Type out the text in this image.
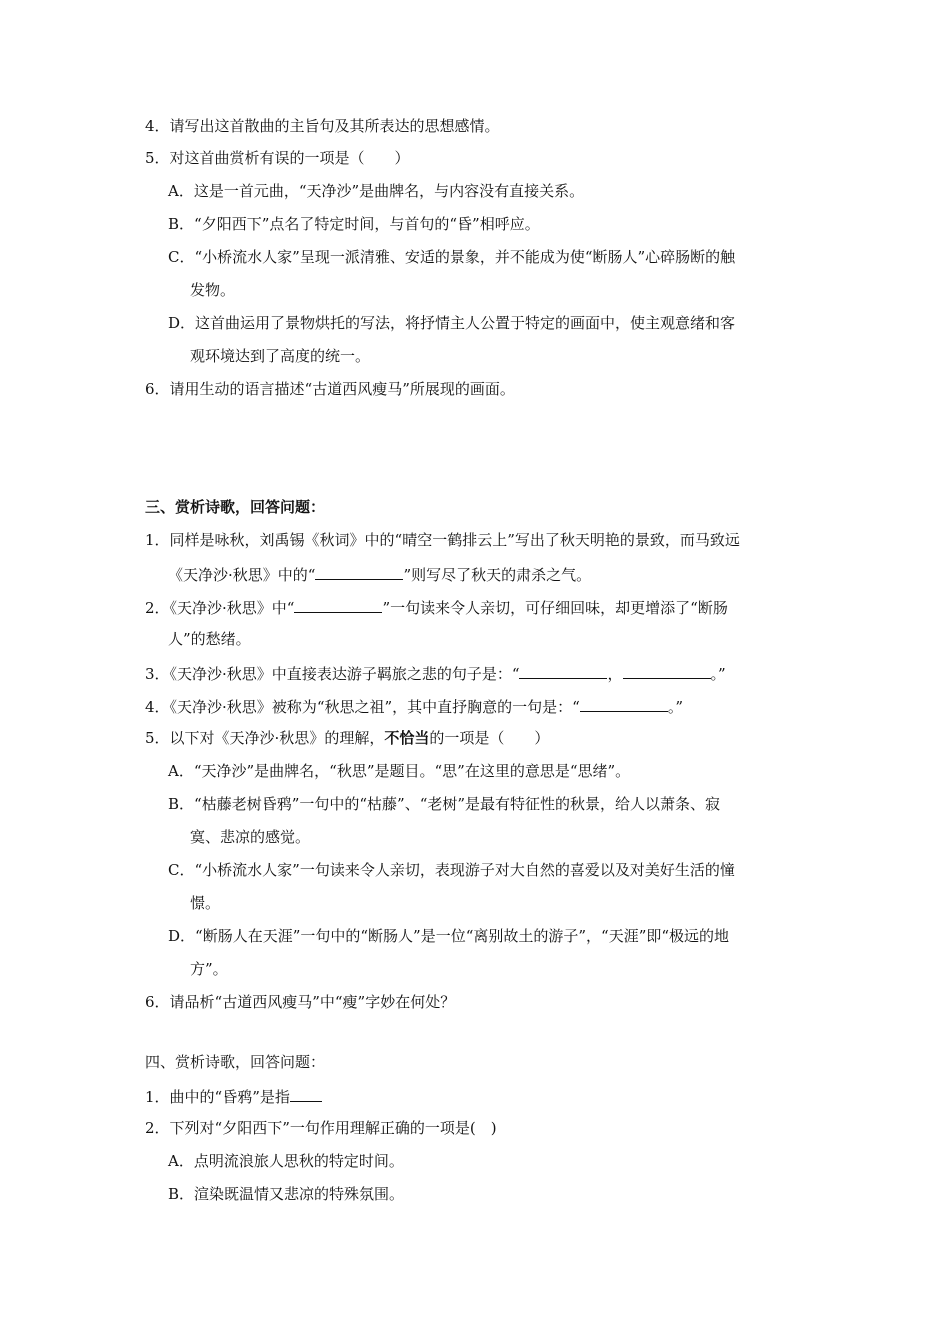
4．请写出这首散曲的主旨句及其所表达的思想感情。
5．对这首曲赏析有误的一项是（　　）
A．这是一首元曲，“天净沙”是曲牌名，与内容没有直接关系。
B．“夕阳西下”点名了特定时间，与首句的“昏”相呼应。
C．“小桥流水人家”呈现一派清雅、安适的景象，并不能成为使“断肠人”心碎肠断的触
发物。
D．这首曲运用了景物烘托的写法，将抒情主人公置于特定的画面中，使主观意绪和客
观环境达到了高度的统一。
6．请用生动的语言描述“古道西风瘦马”所展现的画面。
三、赏析诗歌，回答问题：
1．同样是咏秋，刘禹锡《秋词》中的“晴空一鹤排云上”写出了秋天明艳的景致，而马致远
《天净沙·秋思》中的“	”则写尽了秋天的肃杀之气。
2．《天净沙·秋思》中“	”一句读来令人亲切，可仔细回味，却更增添了“断肠
人”的愁绪。
3．《天净沙·秋思》中直接表达游子羁旅之悲的句子是：“	，	。”
4．《天净沙·秋思》被称为“秋思之祖”，其中直抒胸意的一句是：“	。”
5．以下对《天净沙·秋思》的理解，不恰当的一项是（　　）
A．“天净沙”是曲牌名，“秋思”是题目。“思”在这里的意思是“思绪”。
B．“枯藤老树昏鸦”一句中的“枯藤”、“老树”是最有特征性的秋景，给人以萧条、寂
寞、悲凉的感觉。
C．“小桥流水人家”一句读来令人亲切，表现游子对大自然的喜爱以及对美好生活的憧
憬。
D．“断肠人在天涯”一句中的“断肠人”是一位“离别故土的游子”，“天涯”即“极远的地
方”。
6．请品析“古道西风瘦马”中“瘦”字妙在何处？
四、赏析诗歌，回答问题：
1．曲中的“昏鸦”是指
2．下列对“夕阳西下”一句作用理解正确的一项是(　)
A．点明流浪旅人思秋的特定时间。
B．渲染既温情又悲凉的特殊氛围。
